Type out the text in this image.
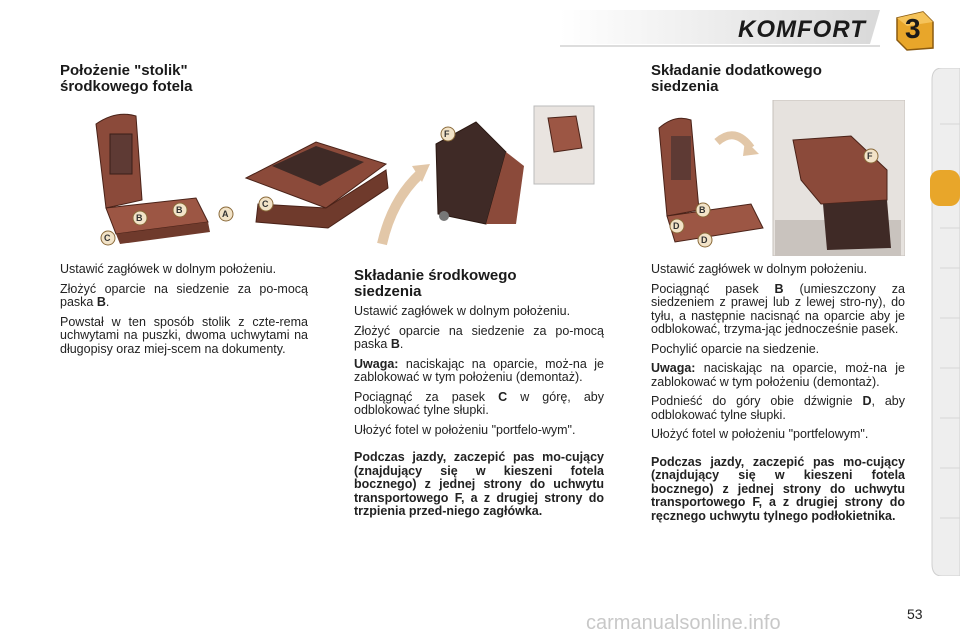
KOMFORT 3
Położenie "stolik" środkowego fotela
B
B	A
C
C
F

Ustawić zagłówek w dolnym położeniu.

Złożyć oparcie na siedzenie za po-mocą paska B.

Powstał w ten sposób stolik z czte-rema uchwytami na puszki, dwoma uchwytami na długopisy oraz miej-scem na dokumenty.

Składanie środkowego siedzenia

Ustawić zagłówek w dolnym położeniu.

Złożyć oparcie na siedzenie za po-mocą paska B.

Uwaga: naciskając na oparcie, moż-na je zablokować w tym położeniu (demontaż).

Pociągnąć za pasek C w górę, aby odblokować tylne słupki.

Ułożyć fotel w położeniu "portfelo-wym".

Podczas jazdy, zaczepić pas mo-cujący (znajdujący się w kieszeni fotela bocznego) z jednej strony do uchwytu transportowego F, a z drugiej strony do trzpienia przed-niego zagłówka.

Składanie dodatkowego siedzenia
B
D
D
F

Ustawić zagłówek w dolnym położeniu.

Pociągnąć pasek B (umieszczony za siedzeniem z prawej lub z lewej stro-ny), do tyłu, a następnie nacisnąć na oparcie aby je odblokować, trzyma-jąc jednocześnie pasek.

Pochylić oparcie na siedzenie.

Uwaga: naciskając na oparcie, moż-na je zablokować w tym położeniu (demontaż).

Podnieść do góry obie dźwignie D, aby odblokować tylne słupki.

Ułożyć fotel w położeniu "portfelowym".

Podczas jazdy, zaczepić pas mo-cujący (znajdujący się w kieszeni fotela bocznego) z jednej strony do uchwytu transportowego F, a z drugiej strony do ręcznego uchwytu tylnego podłokietnika.

carmanualsonline.info	53
